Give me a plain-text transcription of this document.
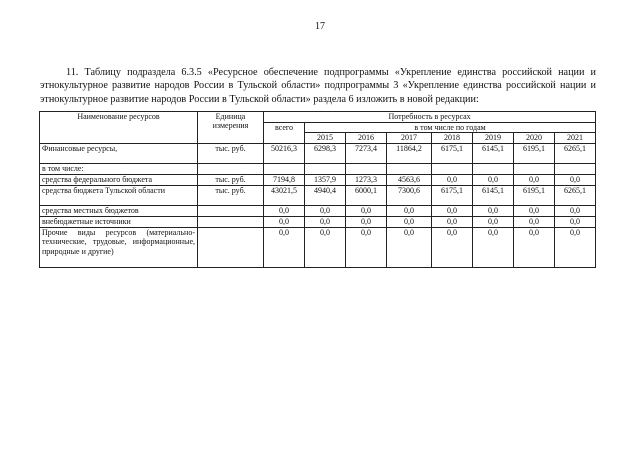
17
11. Таблицу подраздела 6.3.5 «Ресурсное обеспечение подпрограммы «Укрепление единства российской нации и этнокультурное развитие народов России в Тульской области» подпрограммы 3 «Укрепление единства российской нации и этнокультурное развитие народов России в Тульской области» раздела 6 изложить в новой редакции:
Наименование ресурсов	Единица измерения	Потребность в ресурсах							
		всего	в том числе по годам						
			2015	2016	2017	2018	2019	2020	2021
Финансовые ресурсы,	тыс. руб.	50216,3	6298,3	7273,4	11864,2	6175,1	6145,1	6195,1	6265,1
в том числе:									
средства федерального бюджета	тыс. руб.	7194,8	1357,9	1273,3	4563,6	0,0	0,0	0,0	0,0
средства бюджета Тульской области	тыс. руб.	43021,5	4940,4	6000,1	7300,6	6175,1	6145,1	6195,1	6265,1
средства местных бюджетов		0,0	0,0	0,0	0,0	0,0	0,0	0,0	0,0
внебюджетные источники		0,0	0,0	0,0	0,0	0,0	0,0	0,0	0,0
Прочие виды ресурсов (материально-технические, трудовые, информационные, природные и другие)		0,0	0,0	0,0	0,0	0,0	0,0	0,0	0,0
